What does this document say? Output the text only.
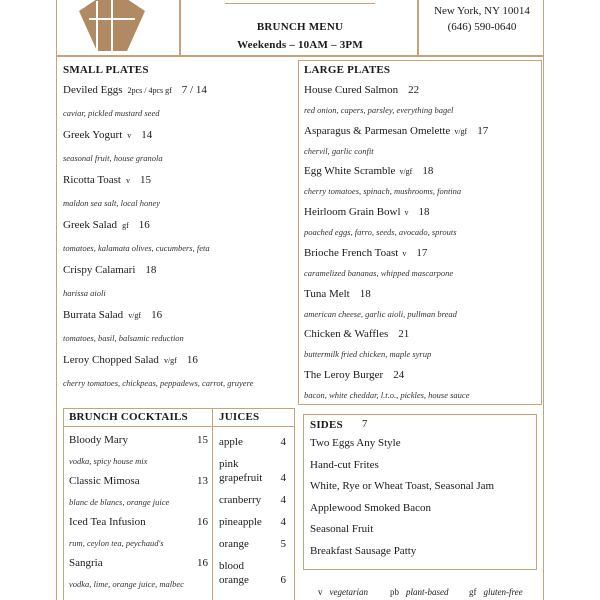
BRUNCH MENU
Weekends – 10AM – 3PM
New York, NY 10014
(646) 590-0640
SMALL PLATES
Deviled Eggs 2pcs / 4pcs gf 7 / 14
caviar, pickled mustard seed
Greek Yogurt v 14
seasonal fruit, house granola
Ricotta Toast v 15
maldon sea salt, local honey
Greek Salad gf 16
tomatoes, kalamata olives, cucumbers, feta
Crispy Calamari 18
harissa aioli
Burrata Salad v/gf 16
tomatoes, basil, balsamic reduction
Leroy Chopped Salad v/gf 16
cherry tomatoes, chickpeas, peppadews, carrot, gruyere
LARGE PLATES
House Cured Salmon 22
red onion, capers, parsley, everything bagel
Asparagus & Parmesan Omelette v/gf 17
chervil, garlic confit
Egg White Scramble v/gf 18
cherry tomatoes, spinach, mushrooms, fontina
Heirloom Grain Bowl v 18
poached eggs, farro, seeds, avocado, sprouts
Brioche French Toast v 17
caramelized bananas, whipped mascarpone
Tuna Melt 18
american cheese, garlic aioli, pullman bread
Chicken & Waffles 21
buttermilk fried chicken, maple syrup
The Leroy Burger 24
bacon, white cheddar, l.t.o., pickles, house sauce
BRUNCH COCKTAILS	JUICES
SIDES 7
Bloody Mary	15
vodka, spicy house mix
Classic Mimosa	13
blanc de blancs, orange juice
Iced Tea Infusion	16
rum, ceylon tea, peychaud's
Sangria	16
vodka, lime, orange juice, malbec
apple	4
pink
grapefruit	4
cranberry	4
pineapple	4
orange	5
blood
orange	6
Two Eggs Any Style
Hand-cut Frites
White, Rye or Wheat Toast, Seasonal Jam
Applewood Smoked Bacon
Seasonal Fruit
Breakfast Sausage Patty
v vegetarian pb plant-based gf gluten-free
